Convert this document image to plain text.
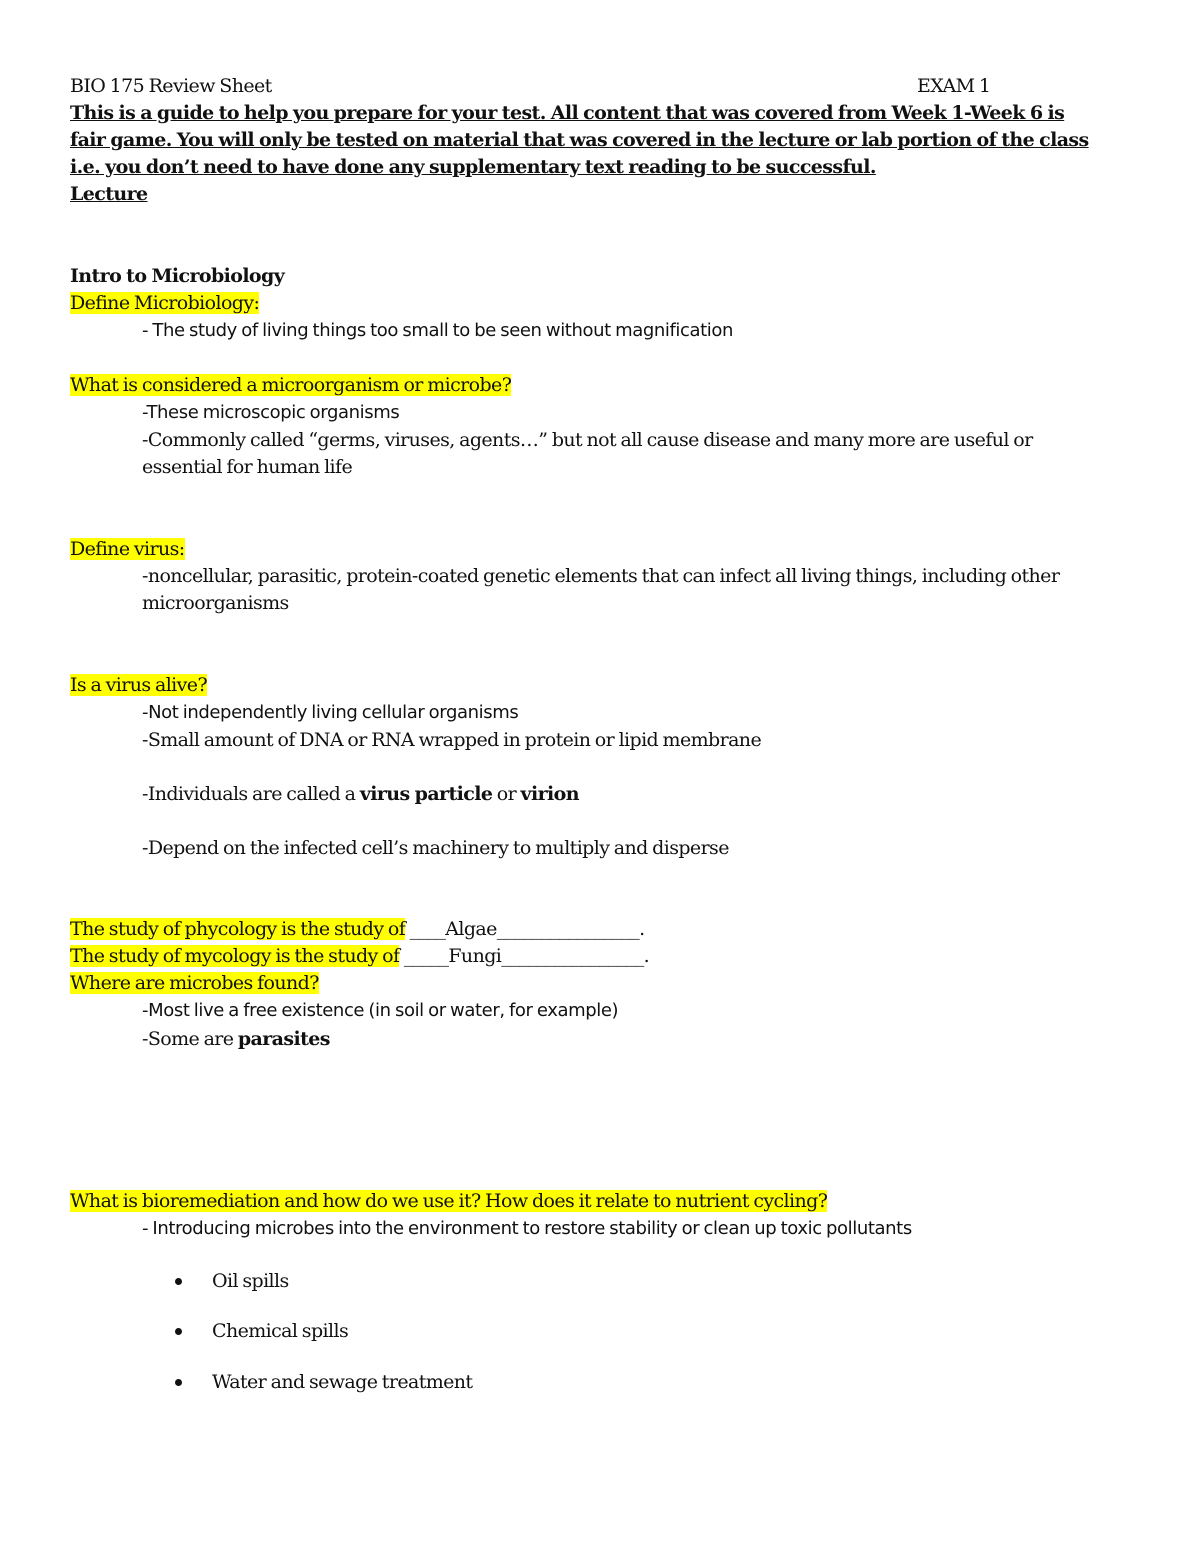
BIO 175 Review Sheet	EXAM 1
This is a guide to help you prepare for your test. All content that was covered from Week 1-Week 6 is
fair game. You will only be tested on material that was covered in the lecture or lab portion of the class
i.e. you don’t need to have done any supplementary text reading to be successful.
Lecture
Intro to Microbiology
Define Microbiology:
- The study of living things too small to be seen without magnification
What is considered a microorganism or microbe?
-These microscopic organisms
-Commonly called “germs, viruses, agents…” but not all cause disease and many more are useful or
essential for human life
Define virus:
-noncellular, parasitic, protein-coated genetic elements that can infect all living things, including other
microorganisms
Is a virus alive?
-Not independently living cellular organisms
-Small amount of DNA or RNA wrapped in protein or lipid membrane
-Individuals are called a virus particle or virion
-Depend on the infected cell’s machinery to multiply and disperse
The study of phycology is the study of ____Algae________________.
The study of mycology is the study of _____Fungi________________.
Where are microbes found?
-Most live a free existence (in soil or water, for example)
-Some are parasites
What is bioremediation and how do we use it? How does it relate to nutrient cycling?
- Introducing microbes into the environment to restore stability or clean up toxic pollutants
Oil spills
Chemical spills
Water and sewage treatment
